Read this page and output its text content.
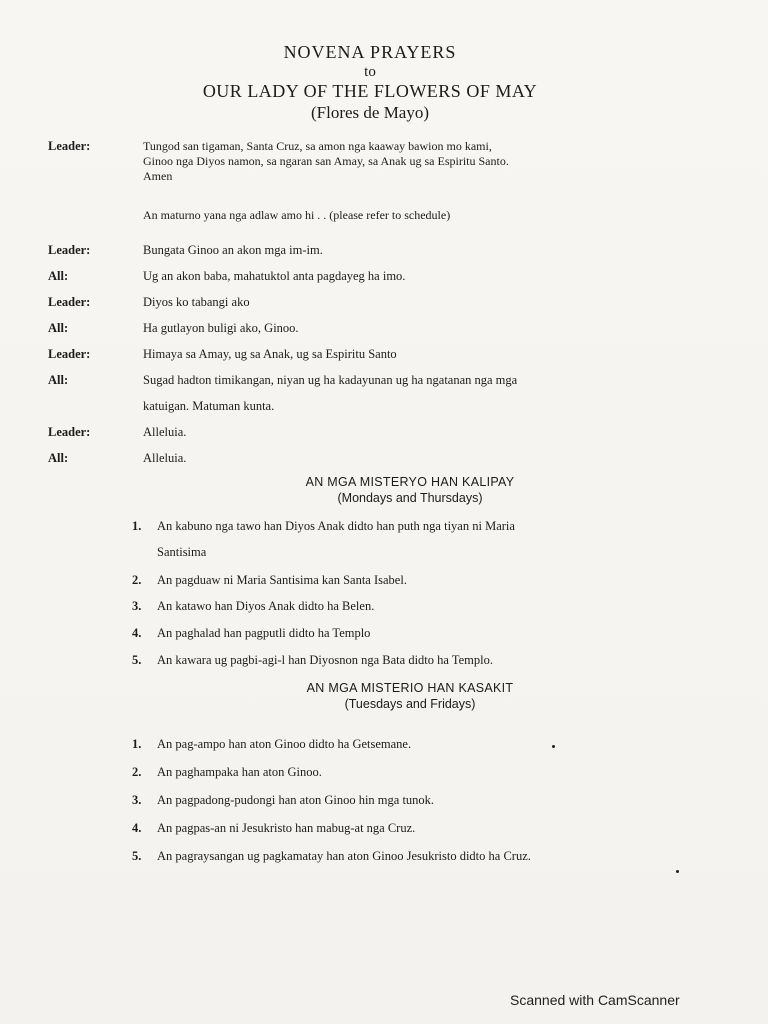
NOVENA PRAYERS
to
OUR LADY OF THE FLOWERS OF MAY
(Flores de Mayo)
Leader:	Tungod san tigaman, Santa Cruz, sa amon nga kaaway bawion mo kami,
Ginoo nga Diyos namon, sa ngaran san Amay, sa Anak ug sa Espiritu Santo.
Amen
An maturno yana nga adlaw amo hi . . (please refer to schedule)
Leader:	Bungata Ginoo an akon mga im-im.
All:	Ug an akon baba, mahatuktol anta pagdayeg ha imo.
Leader:	Diyos ko tabangi ako
All:	Ha gutlayon buligi ako, Ginoo.
Leader:	Himaya sa Amay, ug sa Anak, ug sa Espiritu Santo
All:	Sugad hadton timikangan, niyan ug ha kadayunan ug ha ngatanan nga mga
katuigan. Matuman kunta.
Leader:	Alleluia.
All:	Alleluia.
AN MGA MISTERYO HAN KALIPAY
(Mondays and Thursdays)
1.	An kabuno nga tawo han Diyos Anak didto han puth nga tiyan ni Maria
Santisima
2.	An pagduaw ni Maria Santisima kan Santa Isabel.
3.	An katawo han Diyos Anak didto ha Belen.
4.	An paghalad han pagputli didto ha Templo
5.	An kawara ug pagbi-agi-l han Diyosnon nga Bata didto ha Templo.
AN MGA MISTERIO HAN KASAKIT
(Tuesdays and Fridays)
1.	An pag-ampo han aton Ginoo didto ha Getsemane.
2.	An paghampaka han aton Ginoo.
3.	An pagpadong-pudongi han aton Ginoo hin mga tunok.
4.	An pagpas-an ni Jesukristo han mabug-at nga Cruz.
5.	An pagraysangan ug pagkamatay han aton Ginoo Jesukristo didto ha Cruz.
Scanned with CamScanner
